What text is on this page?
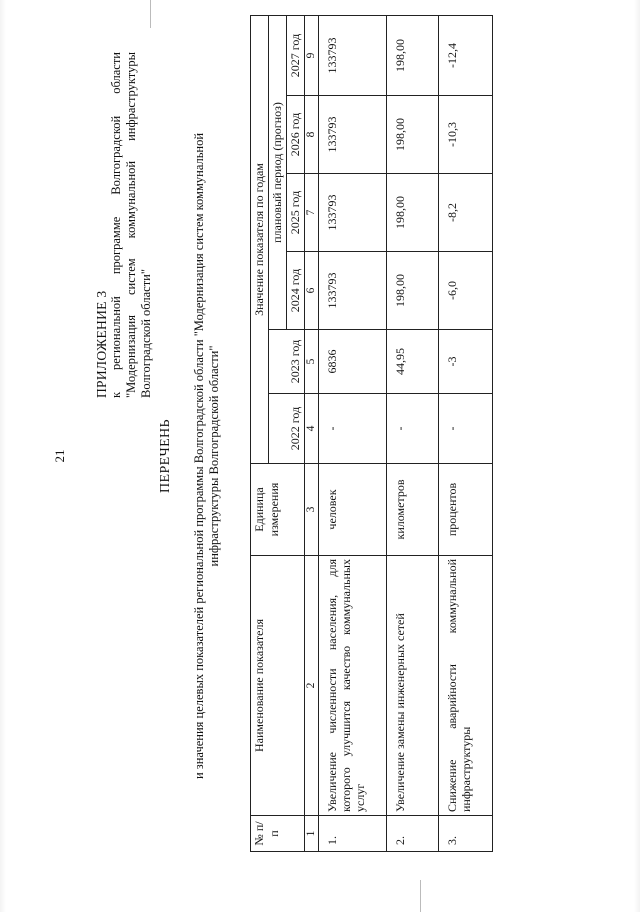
21
ПРИЛОЖЕНИЕ 3 к региональной программе Волгоградской области "Модернизация систем коммунальной инфраструктуры Волгоградской области"
ПЕРЕЧЕНЬ и значения целевых показателей региональной программы Волгоградской области "Модернизация систем коммунальной инфраструктуры Волгоградской области"
№ п/п	Наименование показателя	Единица измерения	Значение показателя по годам					
			2022 год	2023 год	плановый период (прогноз)			
					2024 год	2025 год	2026 год	2027 год
1	2	3	4	5	6	7	8	9
1.	Увеличение численности населения, для которого улучшится качество коммунальных услуг	человек	-	6836	133793	133793	133793	133793
2.	Увеличение замены инженерных сетей	километров	-	44,95	198,00	198,00	198,00	198,00
3.	Снижение аварийности коммунальной инфраструктуры	процентов	-	-3	-6,0	-8,2	-10,3	-12,4
